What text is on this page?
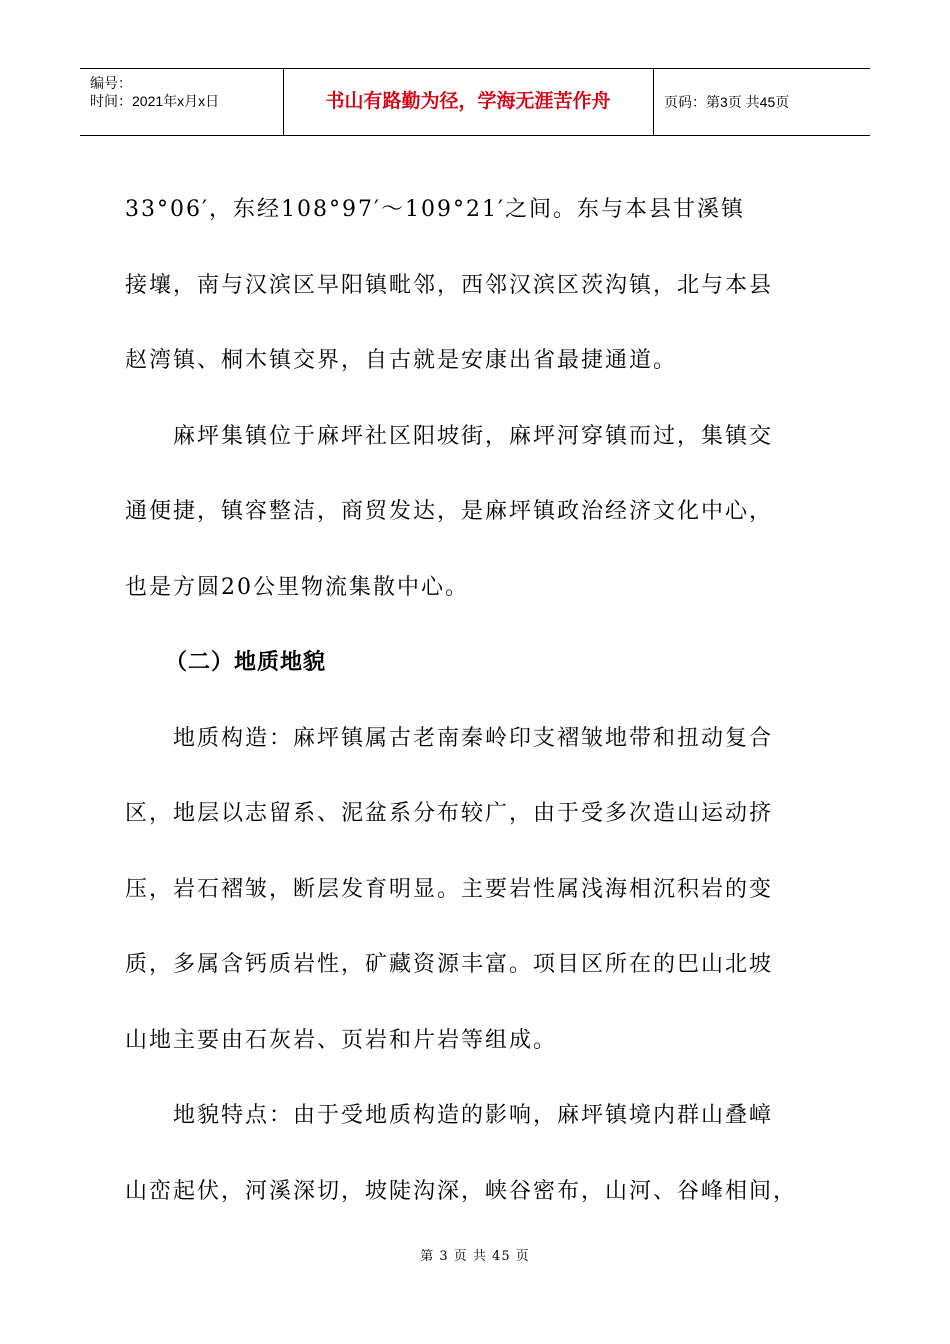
编号：
时间：2021年x月x日	书山有路勤为径，学海无涯苦作舟	页码：第3页 共45页
33°06′，东经108°97′～109°21′之间。东与本县甘溪镇
接壤，南与汉滨区早阳镇毗邻，西邻汉滨区茨沟镇，北与本县
赵湾镇、桐木镇交界，自古就是安康出省最捷通道。
麻坪集镇位于麻坪社区阳坡街，麻坪河穿镇而过，集镇交
通便捷，镇容整洁，商贸发达，是麻坪镇政治经济文化中心，
也是方圆20公里物流集散中心。
（二）地质地貌
地质构造：麻坪镇属古老南秦岭印支褶皱地带和扭动复合
区，地层以志留系、泥盆系分布较广，由于受多次造山运动挤
压，岩石褶皱，断层发育明显。主要岩性属浅海相沉积岩的变
质，多属含钙质岩性，矿藏资源丰富。项目区所在的巴山北坡
山地主要由石灰岩、页岩和片岩等组成。
地貌特点：由于受地质构造的影响，麻坪镇境内群山叠嶂
山峦起伏，河溪深切，坡陡沟深，峡谷密布，山河、谷峰相间，
第 3 页 共 45 页
